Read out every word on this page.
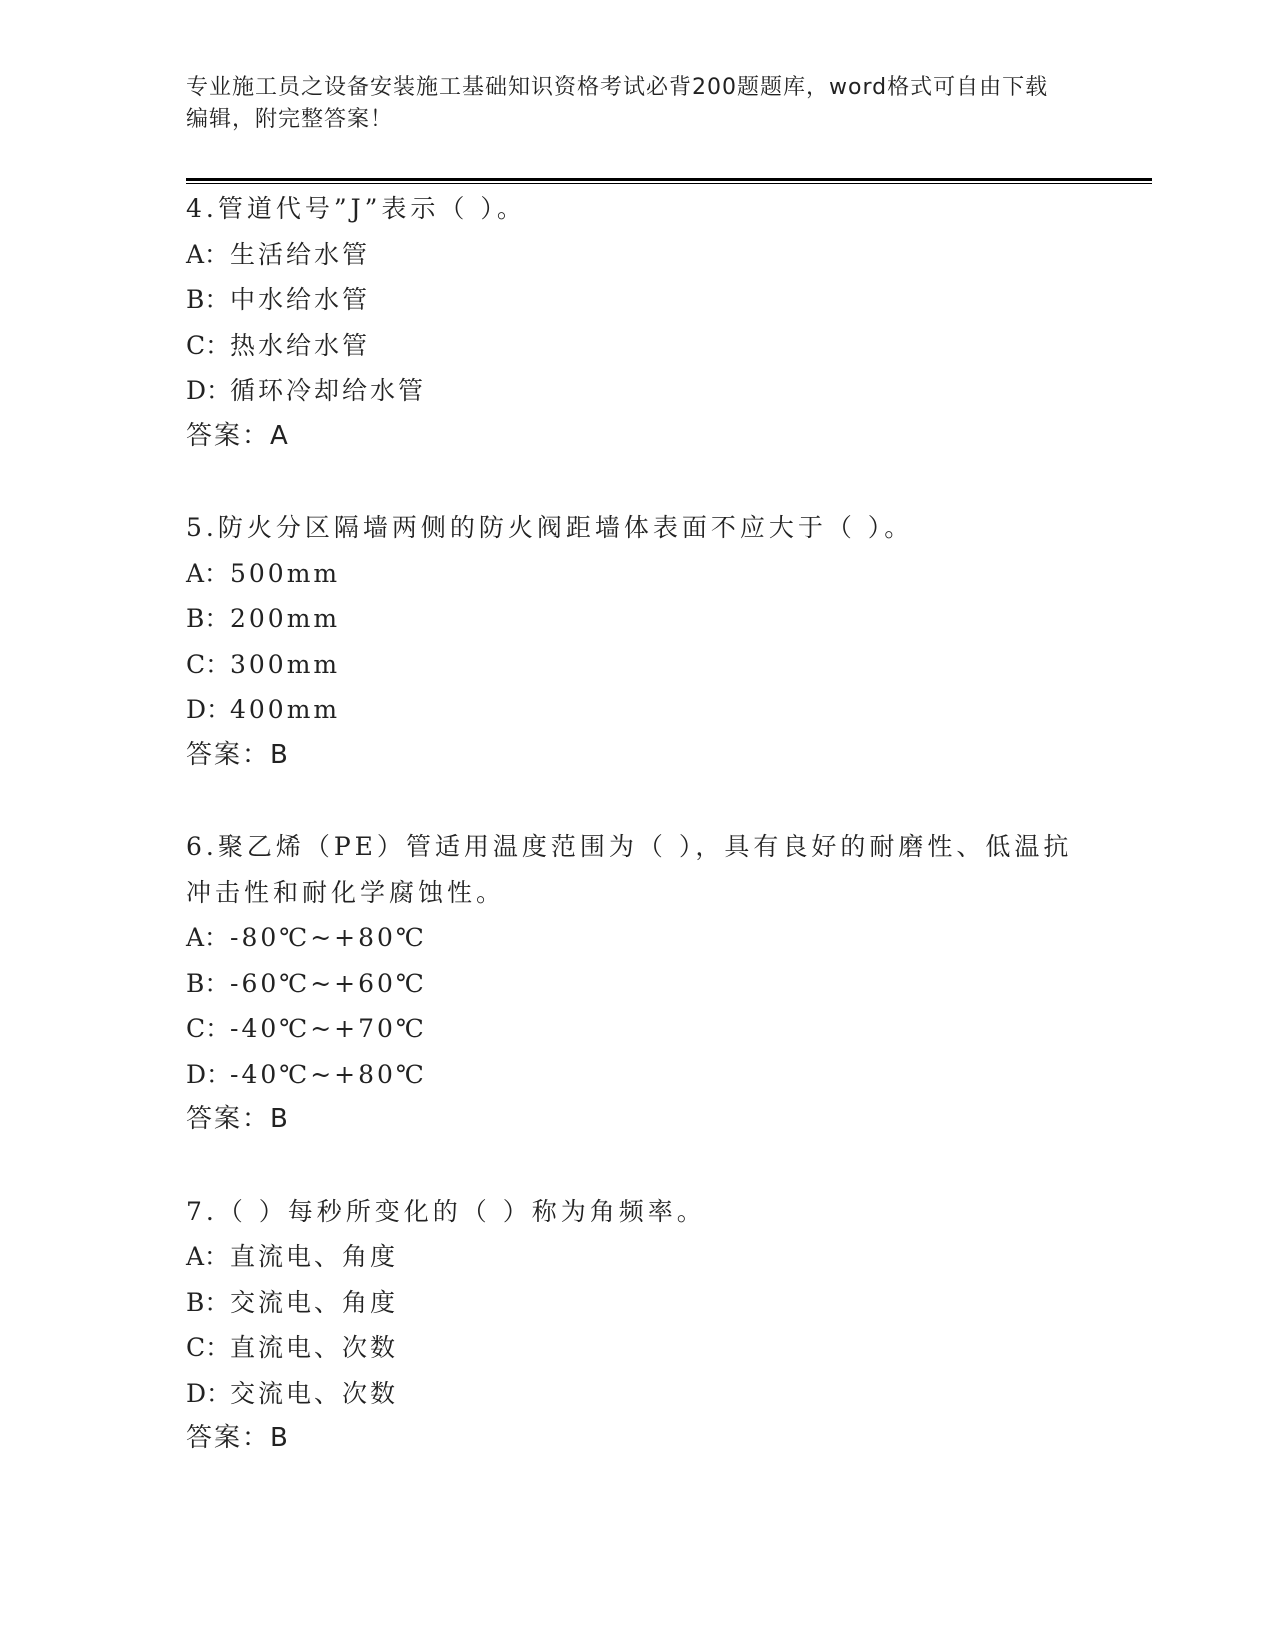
专业施工员之设备安装施工基础知识资格考试必背200题题库，word格式可自由下载编辑，附完整答案！

4.管道代号”J”表示（ ）。

A：生活给水管

B：中水给水管

C：热水给水管

D：循环冷却给水管

答案：A

5.防火分区隔墙两侧的防火阀距墙体表面不应大于（ ）。

A：500mm

B：200mm

C：300mm

D：400mm

答案：B

6.聚乙烯（PE）管适用温度范围为（ ），具有良好的耐磨性、低温抗冲击性和耐化学腐蚀性。

A：-80℃~+80℃

B：-60℃~+60℃

C：-40℃~+70℃

D：-40℃~+80℃

答案：B

7.（ ）每秒所变化的（ ）称为角频率。

A：直流电、角度

B：交流电、角度

C：直流电、次数

D：交流电、次数

答案：B
